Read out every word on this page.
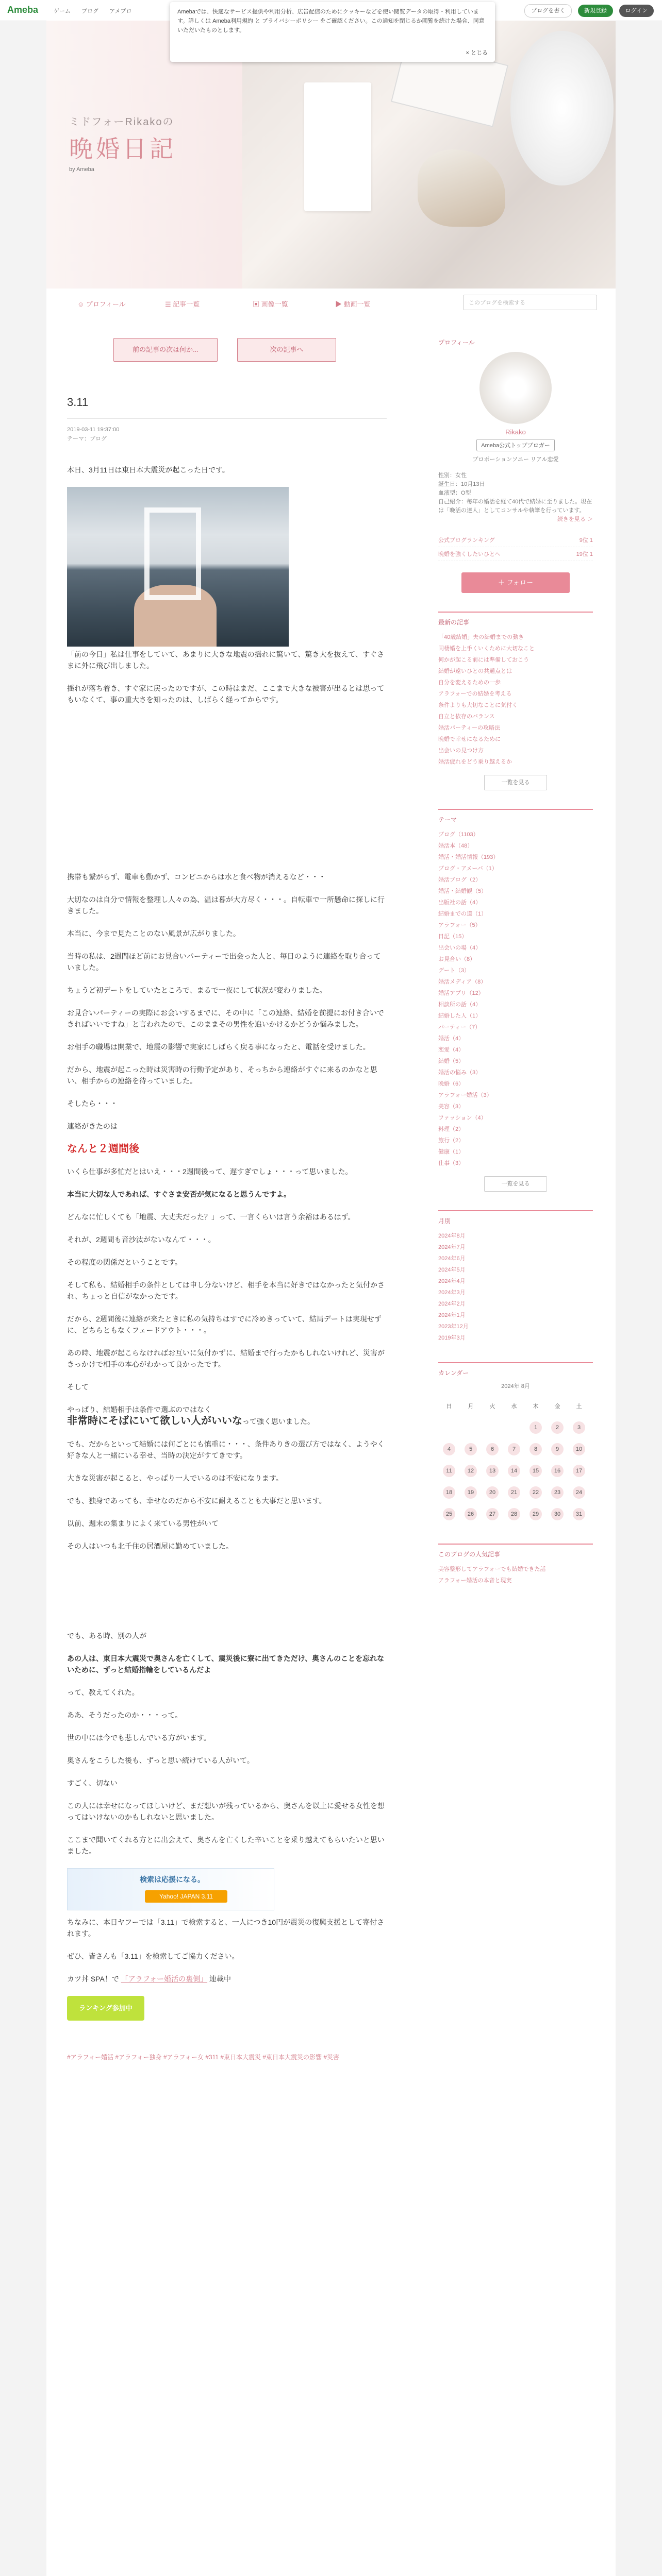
Ameba	ゲーム ブログ アメブロ	ブログを書く	新規登録	ログイン
Amebaでは、快適なサービス提供や利用分析、広告配信のためにクッキーなどを使い閲覧データの取得・利用しています。詳しくは Ameba利用規約 と プライバシーポリシー をご確認ください。この通知を閉じるか閲覧を続けた場合、同意いただいたものとします。
× とじる
ミドフォーRikakoの
晩婚日記
by Ameba
☺ プロフィール	☰ 記事一覧	▣ 画像一覧	▶ 動画一覧	このブログを検索する
前の記事の次は何か...	次の記事へ
3.11
2019-03-11 19:37:00
テーマ：ブログ

本日、3月11日は東日本大震災が起こった日です。

「前の今日」私は仕事をしていて、あまりに大きな地震の揺れに驚いて、驚き大を抜えて、すぐさまに外に飛び出しました。

揺れが落ち着き、すぐ家に戻ったのですが、この時はまだ、ここまで大きな被害が出るとは思ってもいなくて、事の重大さを知ったのは、しばらく経ってからです。

携帯も繋がらず、電車も動かず、コンビニからは水と食べ物が消えるなど・・・

大切なのは自分で情報を整理し人々の為、温は暮が大方尽く・・・。自転車で一所懸命に探しに行きました。

本当に、今まで見たことのない風景が広がりました。

当時の私は、2週間ほど前にお見合いパーティーで出会った人と、毎日のように連絡を取り合っていました。

ちょうど初デートをしていたところで、まるで一夜にして状況が変わりました。

お見合いパーティーの実際にお会いするまでに、その中に「この連絡、結婚を前提にお付き合いできればいいですね」と言われたので、このままその男性を追いかけるかどうか悩みました。

お相手の職場は開業で、地震の影響で実家にしばらく戻る事になったと、電話を受けました。

だから、地震が起こった時は災害時の行動予定があり、そっちから連絡がすぐに来るのかなと思い、相手からの連絡を待っていました。

そしたら・・・

連絡がきたのは

なんと２週間後

いくら仕事が多忙だとはいえ・・・2週間後って、遅すぎでしょ・・・って思いました。

本当に大切な人であれば、すぐさま安否が気になると思うんですよ。

どんなに忙しくても「地震、大丈夫だった？」って、一言くらいは言う余裕はあるはず。

それが、2週間も音沙汰がないなんて・・・。

その程度の関係だということです。

そして私も、結婚相手の条件としては申し分ないけど、相手を本当に好きではなかったと気付かされ、ちょっと自信がなかったです。

だから、2週間後に連絡が来たときに私の気持ちはすでに冷めきっていて、結局デートは実現せずに、どちらともなくフェードアウト・・・。

あの時、地震が起こらなければお互いに気付かずに、結婚まで行ったかもしれないけれど、災害がきっかけで相手の本心がわかって良かったです。

そして

やっぱり、結婚相手は条件で選ぶのではなく
非常時にそばにいて欲しい人がいいなって強く思いました。

でも、だからといって結婚には何ごとにも慎重に・・・、条件ありきの選び方ではなく、ようやく好きな人と一緒にいる幸せ、当時の決定がすてきです。

大きな災害が起こると、やっぱり一人でいるのは不安になります。

でも、独身であっても、幸せなのだから不安に耐えることも大事だと思います。

以前、週末の集まりによく来ている男性がいて

その人はいつも北千住の居酒屋に勤めていました。

でも、ある時、別の人が

あの人は、東日本大震災で奥さんを亡くして、震災後に寮に出てきただけ、奥さんのことを忘れないために、ずっと結婚指輪をしているんだよ

って、教えてくれた。

ああ、そうだったのか・・・って。

世の中には今でも悲しんでいる方がいます。

奥さんをこうした後も、ずっと思い続けている人がいて。

すごく、切ない

この人には幸せになってほしいけど、まだ想いが残っているから、奥さんを以上に愛せる女性を想ってはいけないのかもしれないと思いました。

ここまで聞いてくれる方とに出会えて、奥さんを亡くした辛いことを乗り越えてもらいたいと思いました。

検索は応援になる。
Yahoo! JAPAN 3.11

ちなみに、本日ヤフーでは「3.11」で検索すると、一人につき10円が震災の復興支援として寄付されます。

ぜひ、皆さんも「3.11」を検索してご協力ください。

カツ丼 SPA！で 「アラフォー婚活の裏側」 連載中

ランキング参加中
#アラフォー婚活 #アラフォー独身 #アラフォー女 #311 #東日本大震災 #東日本大震災の影響 #災害
プロフィール
Rikako
Ameba公式トップブロガー
プロポーションソニー リアル恋愛
性別：女性
誕生日：10月13日
血液型：O型
自己紹介：毎年の婚活を経て40代で結婚に至りました。現在は「晩活の達人」としてコンサルや執筆を行っています。
続きを見る ＞
公式ブログランキング	9位 1
晩婚を強くしたいひとへ	19位 1
＋ フォロー
最新の記事
「40歳結婚」夫の結婚までの動き
同棲婚を上手くいくために大切なこと
何かが起こる前には準備しておこう
結婚が遠いひとの共通点とは
自分を変えるための一歩
アラフォーでの結婚を考える
条件よりも大切なことに気付く
自立と依存のバランス
婚活パーティーの攻略法
晩婚で幸せになるために
出会いの見つけ方
婚活疲れをどう乗り越えるか
一覧を見る
テーマ
ブログ（1103）
婚活本（48）
婚活・婚活情報（193）
ブログ・アメーバ（1）
婚活ブログ（2）
婚活・結婚観（5）
出版社の話（4）
結婚までの道（1）
アラフォー（5）
日記（15）
出会いの場（4）
お見合い（8）
デート（3）
婚活メディア（8）
婚活アプリ（12）
相談所の話（4）
結婚した人（1）
パーティー（7）
婚活（4）
恋愛（4）
結婚（5）
婚活の悩み（3）
晩婚（6）
アラフォー婚活（3）
美容（3）
ファッション（4）
料理（2）
旅行（2）
健康（1）
仕事（3）
一覧を見る
月別
2024年8月
2024年7月
2024年6月
2024年5月
2024年4月
2024年3月
2024年2月
2024年1月
2023年12月
2019年3月
カレンダー
2024年 8月
日	月	火	水	木	金	土
				1	2	3
4	5	6	7	8	9	10
11	12	13	14	15	16	17
18	19	20	21	22	23	24
25	26	27	28	29	30	31
このブログの人気記事
美容整形してアラフォーでも結婚できた話
アラフォー婚活の本音と現実
